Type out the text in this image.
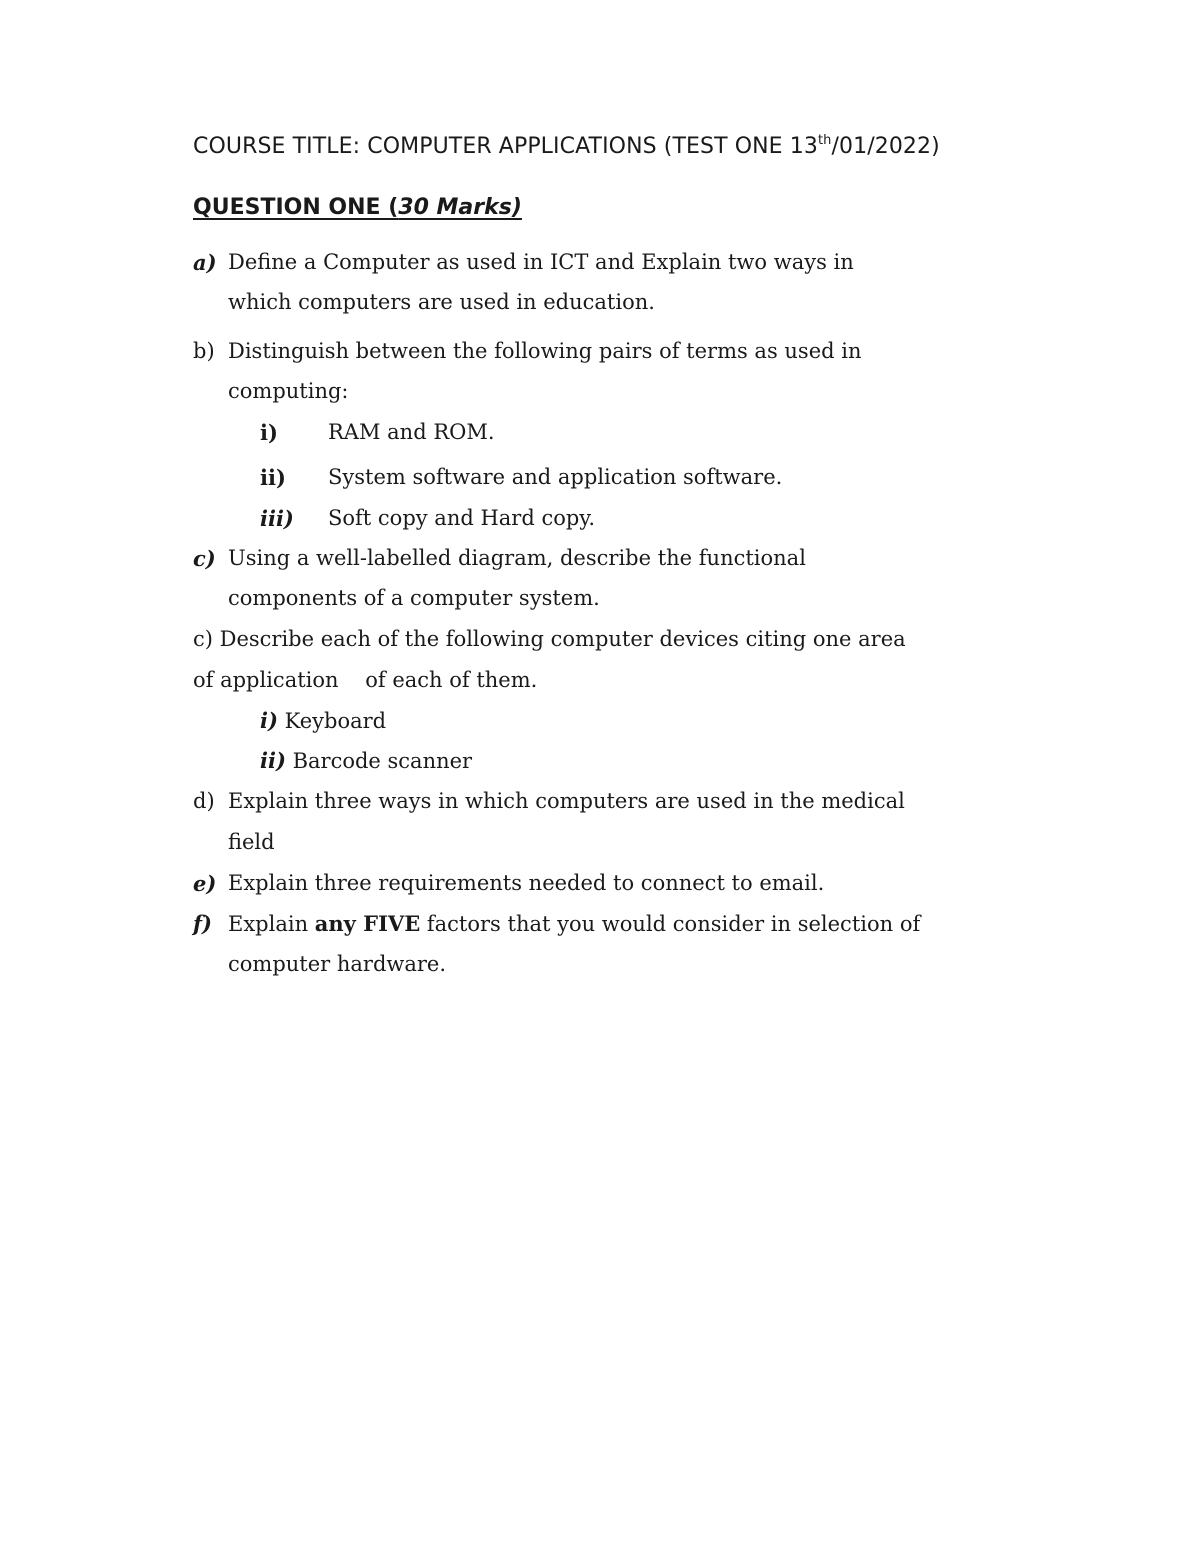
COURSE TITLE: COMPUTER APPLICATIONS (TEST ONE 13th/01/2022)
QUESTION ONE (30 Marks)
a) Define a Computer as used in ICT and Explain two ways in
which computers are used in education.
b) Distinguish between the following pairs of terms as used in
computing:
i) RAM and ROM.
ii) System software and application software.
iii) Soft copy and Hard copy.
c) Using a well-labelled diagram, describe the functional
components of a computer system.
c) Describe each of the following computer devices citing one area
of application    of each of them.
i) Keyboard
ii) Barcode scanner
d) Explain three ways in which computers are used in the medical
field
e) Explain three requirements needed to connect to email.
f) Explain any FIVE factors that you would consider in selection of
computer hardware.
